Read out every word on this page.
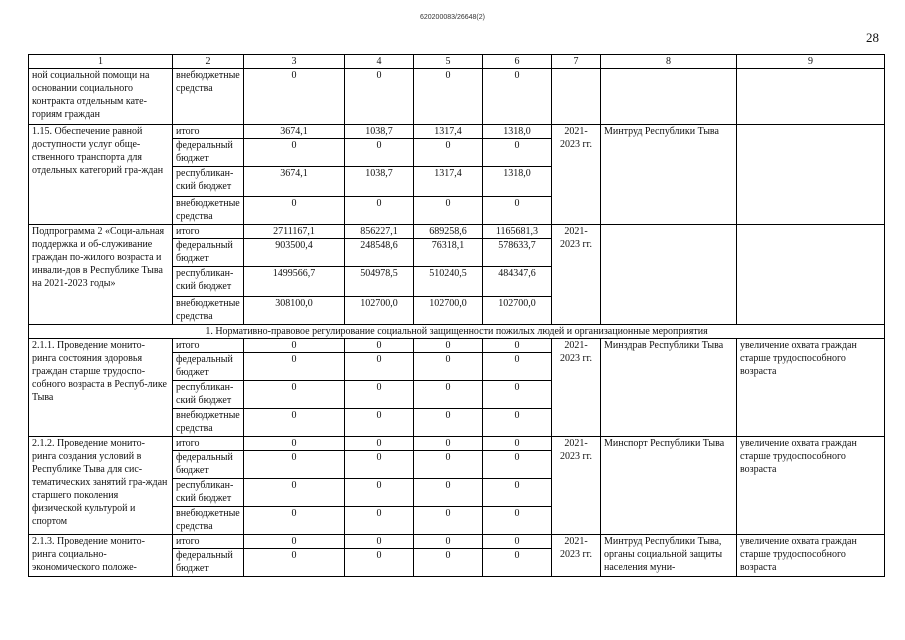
620200083/26648(2)
28
1	2	3	4	5	6	7	8	9
ной социальной помощи на основании социального контракта отдельным кате-гориям граждан	внебюджетные средства	0	0	0	0			
1.15. Обеспечение равной доступности услуг обще-ственного транспорта для отдельных категорий гра-ждан	итого	3674,1	1038,7	1317,4	1318,0	2021-2023 гг.	Минтруд Республики Тыва	
	федеральный бюджет	0	0	0	0			
	республикан-ский бюджет	3674,1	1038,7	1317,4	1318,0			
	внебюджетные средства	0	0	0	0			
Подпрограмма 2 «Соци-альная поддержка и об-служивание граждан по-жилого возраста и инвали-дов в Республике Тыва на 2021-2023 годы»	итого	2711167,1	856227,1	689258,6	1165681,3	2021-2023 гг.		
	федеральный бюджет	903500,4	248548,6	76318,1	578633,7			
	республикан-ский бюджет	1499566,7	504978,5	510240,5	484347,6			
	внебюджетные средства	308100,0	102700,0	102700,0	102700,0			
1. Нормативно-правовое регулирование социальной защищенности пожилых людей и организационные мероприятия								
2.1.1. Проведение монито-ринга состояния здоровья граждан старше трудоспо-собного возраста в Респуб-лике Тыва	итого	0	0	0	0	2021-2023 гг.	Минздрав Республики Тыва	увеличение охвата граждан старше трудоспособного возраста
	федеральный бюджет	0	0	0	0			
	республикан-ский бюджет	0	0	0	0			
	внебюджетные средства	0	0	0	0			
2.1.2. Проведение монито-ринга создания условий в Республике Тыва для сис-тематических занятий гра-ждан старшего поколения физической культурой и спортом	итого	0	0	0	0	2021-2023 гг.	Минспорт Республики Тыва	увеличение охвата граждан старше трудоспособного возраста
	федеральный бюджет	0	0	0	0			
	республикан-ский бюджет	0	0	0	0			
	внебюджетные средства	0	0	0	0			
2.1.3. Проведение монито-ринга социально-экономического положе-	итого	0	0	0	0	2021-2023 гг.	Минтруд Республики Тыва, органы социальной защиты населения муни-	увеличение охвата граждан старше трудоспособного возраста
	федеральный бюджет	0	0	0	0			
